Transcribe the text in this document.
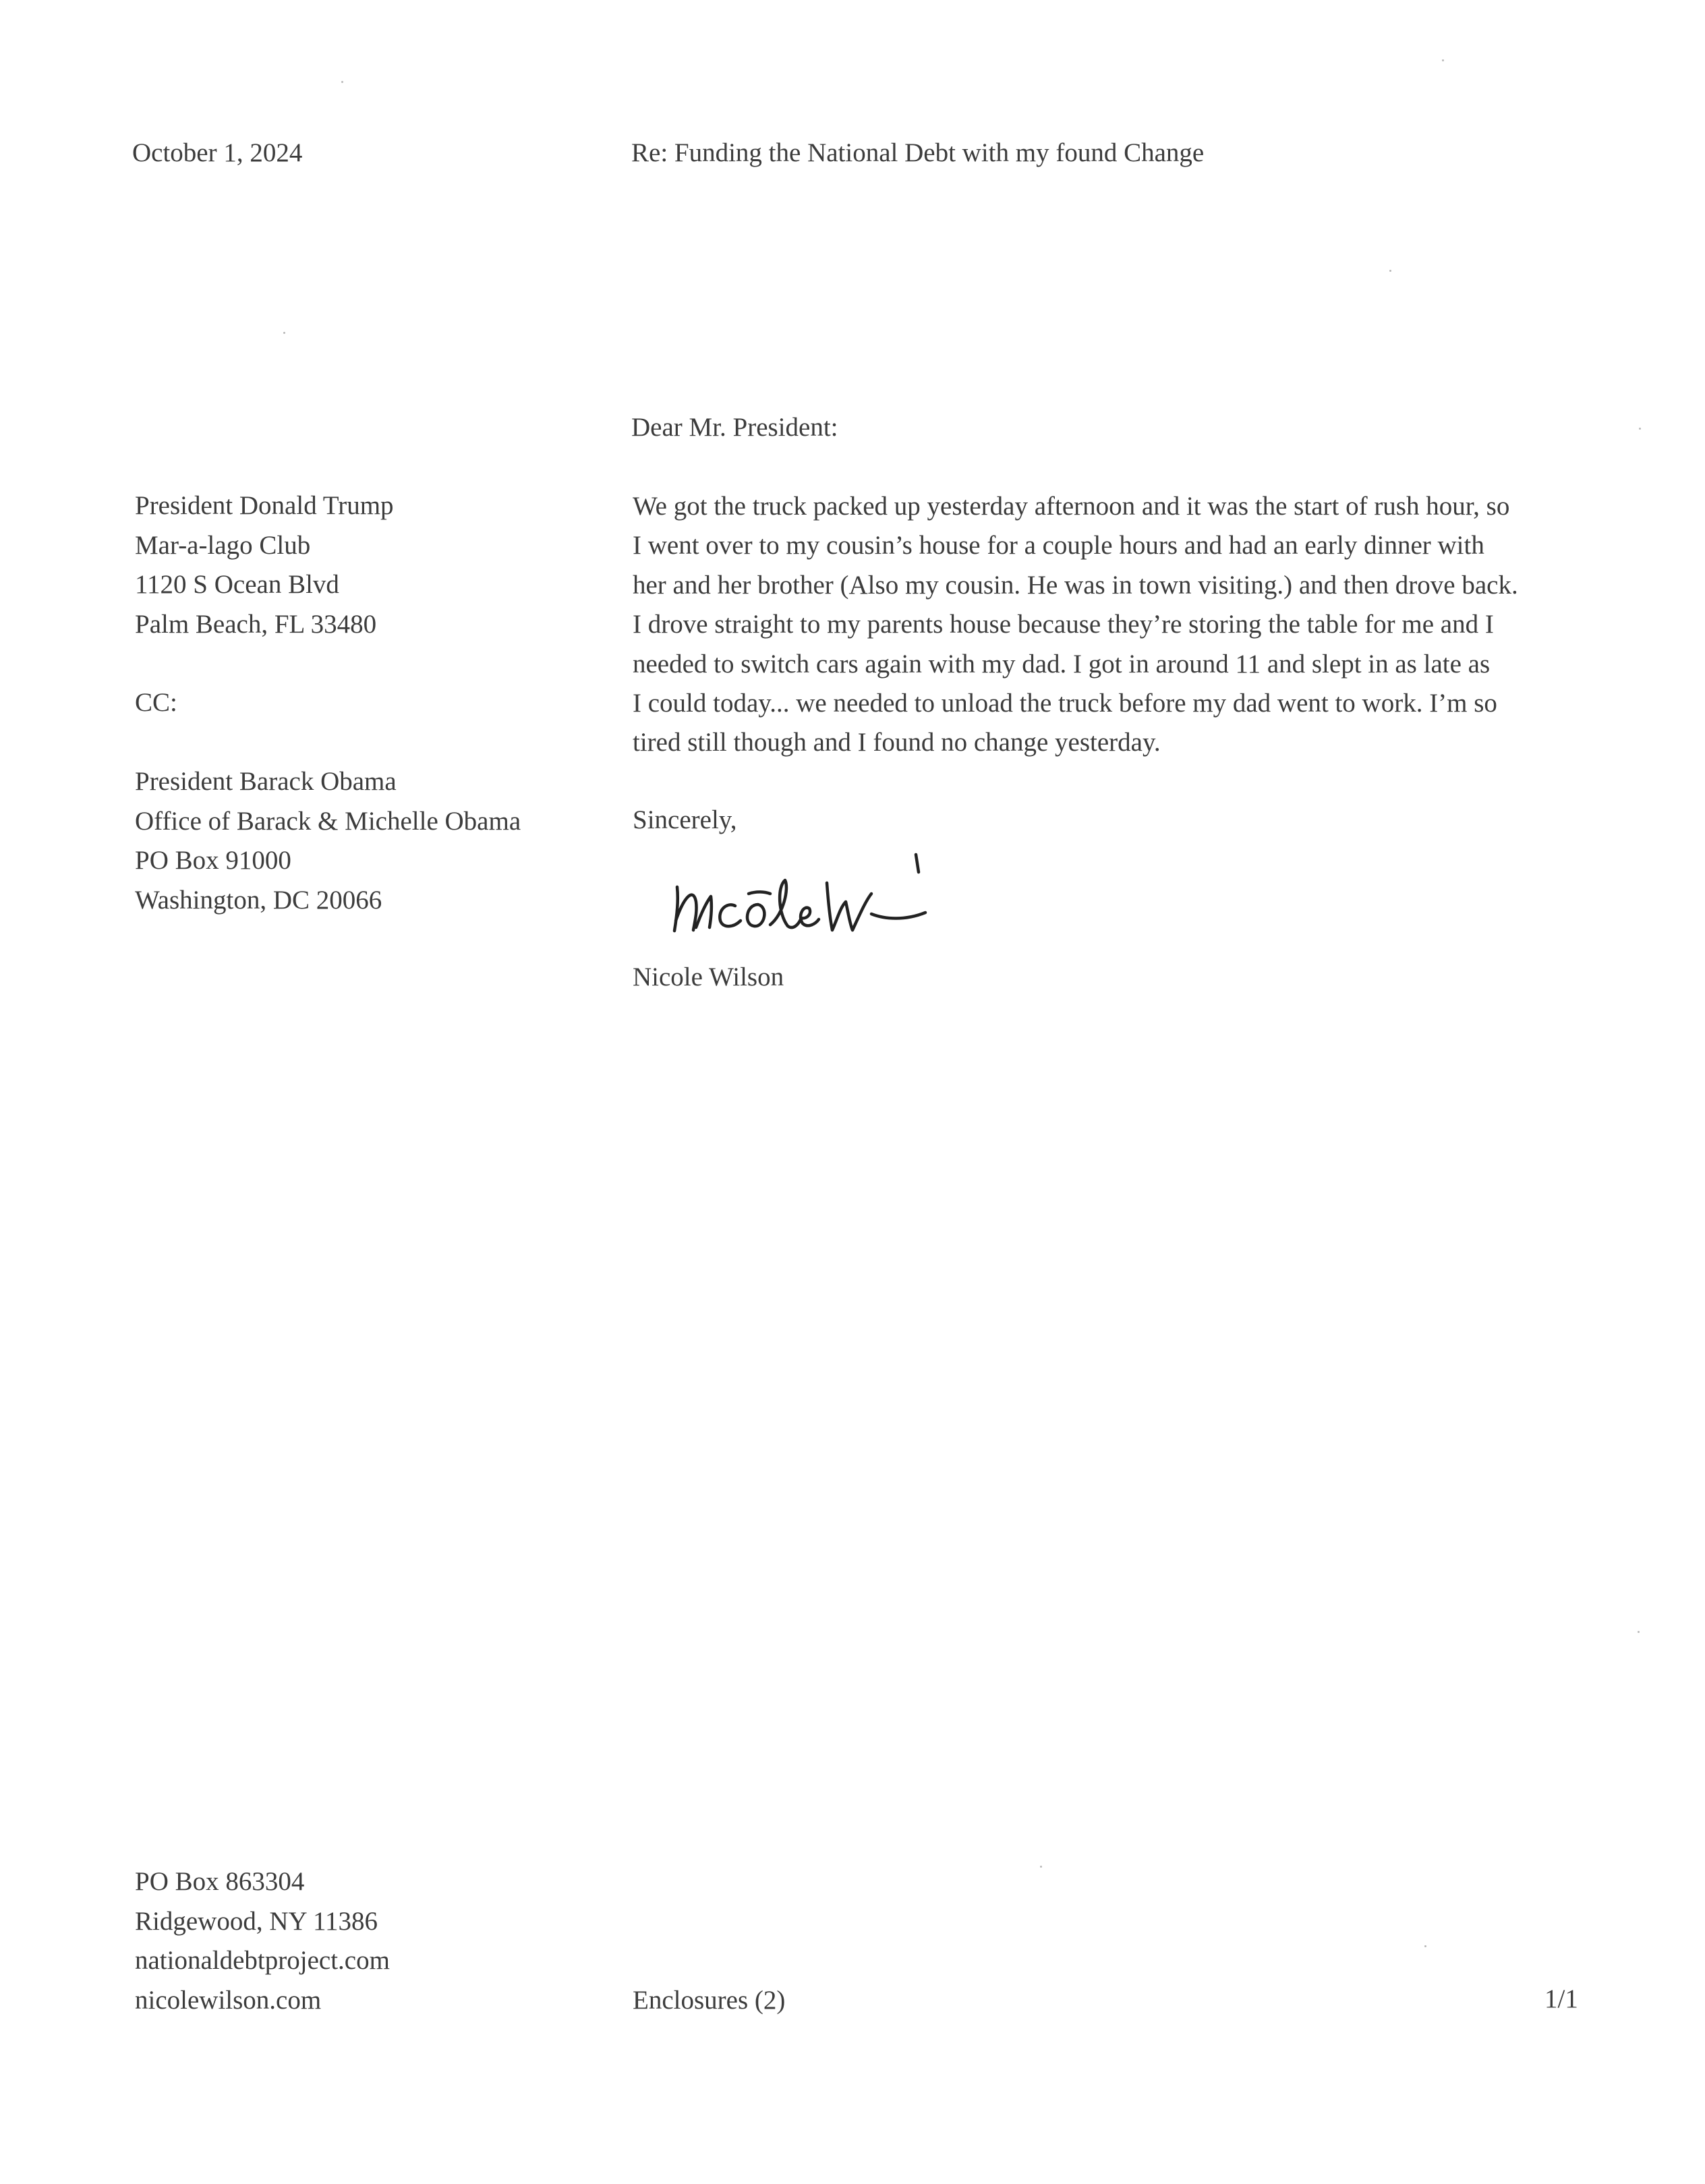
October 1, 2024	Re: Funding the National Debt with my found Change
Dear Mr. President:
President Donald Trump
Mar-a-lago Club
1120 S Ocean Blvd
Palm Beach, FL 33480
CC:
President Barack Obama
Office of Barack & Michelle Obama
PO Box 91000
Washington, DC 20066
We got the truck packed up yesterday afternoon and it was the start of rush hour, so
I went over to my cousin’s house for a couple hours and had an early dinner with
her and her brother (Also my cousin. He was in town visiting.) and then drove back.
I drove straight to my parents house because they’re storing the table for me and I
needed to switch cars again with my dad. I got in around 11 and slept in as late as
I could today... we needed to unload the truck before my dad went to work. I’m so
tired still though and I found no change yesterday.
Sincerely,
Nicole Wilson
PO Box 863304
Ridgewood, NY 11386
nationaldebtproject.com
nicolewilson.com	Enclosures (2)	1/1
